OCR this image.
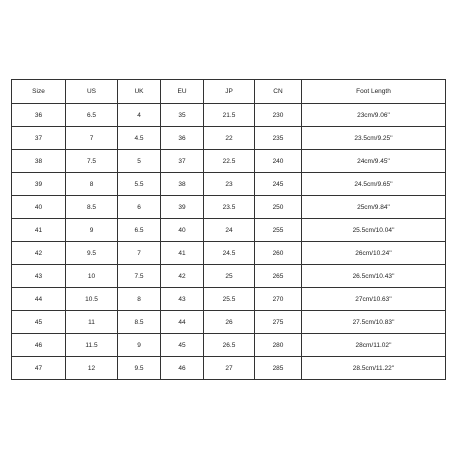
Size	US	UK	EU	JP	CN	Foot Length
36	6.5	4	35	21.5	230	23cm/9.06''
37	7	4.5	36	22	235	23.5cm/9.25''
38	7.5	5	37	22.5	240	24cm/9.45''
39	8	5.5	38	23	245	24.5cm/9.65''
40	8.5	6	39	23.5	250	25cm/9.84''
41	9	6.5	40	24	255	25.5cm/10.04''
42	9.5	7	41	24.5	260	26cm/10.24''
43	10	7.5	42	25	265	26.5cm/10.43''
44	10.5	8	43	25.5	270	27cm/10.63''
45	11	8.5	44	26	275	27.5cm/10.83''
46	11.5	9	45	26.5	280	28cm/11.02''
47	12	9.5	46	27	285	28.5cm/11.22''
